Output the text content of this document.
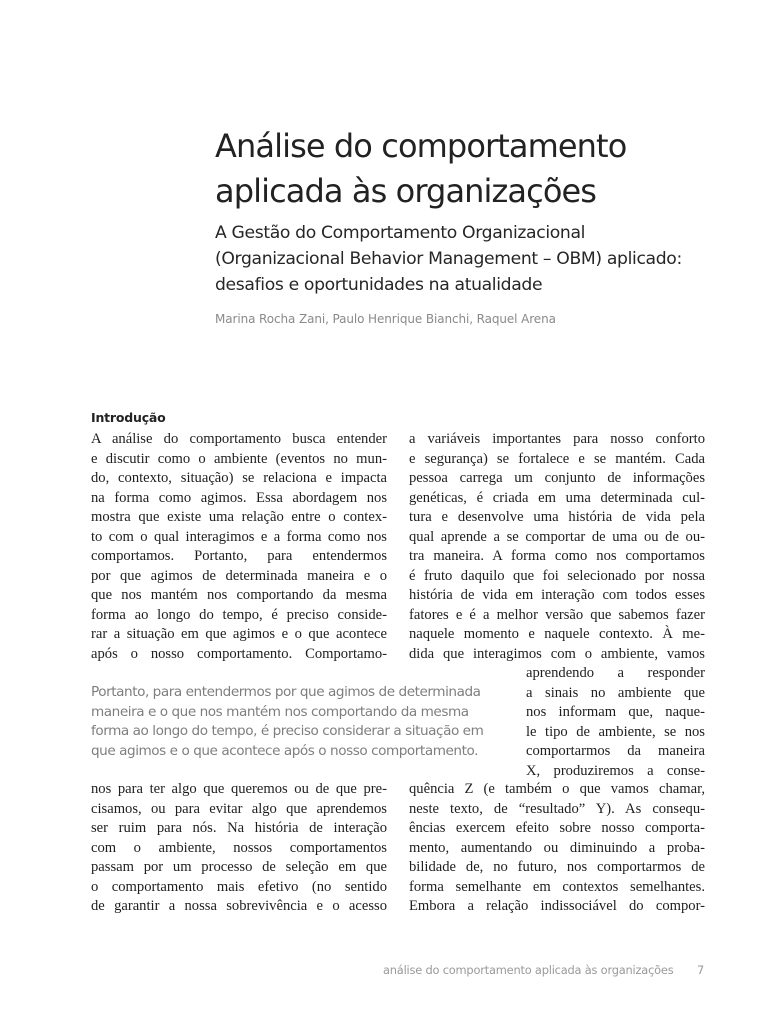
Análise do comportamento aplicada às organizações
A Gestão do Comportamento Organizacional (Organizacional Behavior Management – OBM) aplicado: desafios e oportunidades na atualidade
Marina Rocha Zani, Paulo Henrique Bianchi, Raquel Arena
Introdução
A análise do comportamento busca entender
e discutir como o ambiente (eventos no mun-
do, contexto, situação) se relaciona e impacta
na forma como agimos. Essa abordagem nos
mostra que existe uma relação entre o contex-
to com o qual interagimos e a forma como nos
comportamos. Portanto, para entendermos
por que agimos de determinada maneira e o
que nos mantém nos comportando da mesma
forma ao longo do tempo, é preciso conside-
rar a situação em que agimos e o que acontece
após o nosso comportamento. Comportamo-
a variáveis importantes para nosso conforto
e segurança) se fortalece e se mantém. Cada
pessoa carrega um conjunto de informações
genéticas, é criada em uma determinada cul-
tura e desenvolve uma história de vida pela
qual aprende a se comportar de uma ou de ou-
tra maneira. A forma como nos comportamos
é fruto daquilo que foi selecionado por nossa
história de vida em interação com todos esses
fatores e é a melhor versão que sabemos fazer
naquele momento e naquele contexto. À me-
dida que interagimos com o ambiente, vamos
aprendendo a responder
a sinais no ambiente que
nos informam que, naque-
le tipo de ambiente, se nos
comportarmos da maneira
X, produziremos a conse-
Portanto, para entendermos por que agimos de determinada
maneira e o que nos mantém nos comportando da mesma
forma ao longo do tempo, é preciso considerar a situação em
que agimos e o que acontece após o nosso comportamento.
nos para ter algo que queremos ou de que pre-
cisamos, ou para evitar algo que aprendemos
ser ruim para nós. Na história de interação
com o ambiente, nossos comportamentos
passam por um processo de seleção em que
o comportamento mais efetivo (no sentido
de garantir a nossa sobrevivência e o acesso
quência Z (e também o que vamos chamar,
neste texto, de “resultado” Y). As consequ-
ências exercem efeito sobre nosso comporta-
mento, aumentando ou diminuindo a proba-
bilidade de, no futuro, nos comportarmos de
forma semelhante em contextos semelhantes.
Embora a relação indissociável do compor-
análise do comportamento aplicada às organizações 7
